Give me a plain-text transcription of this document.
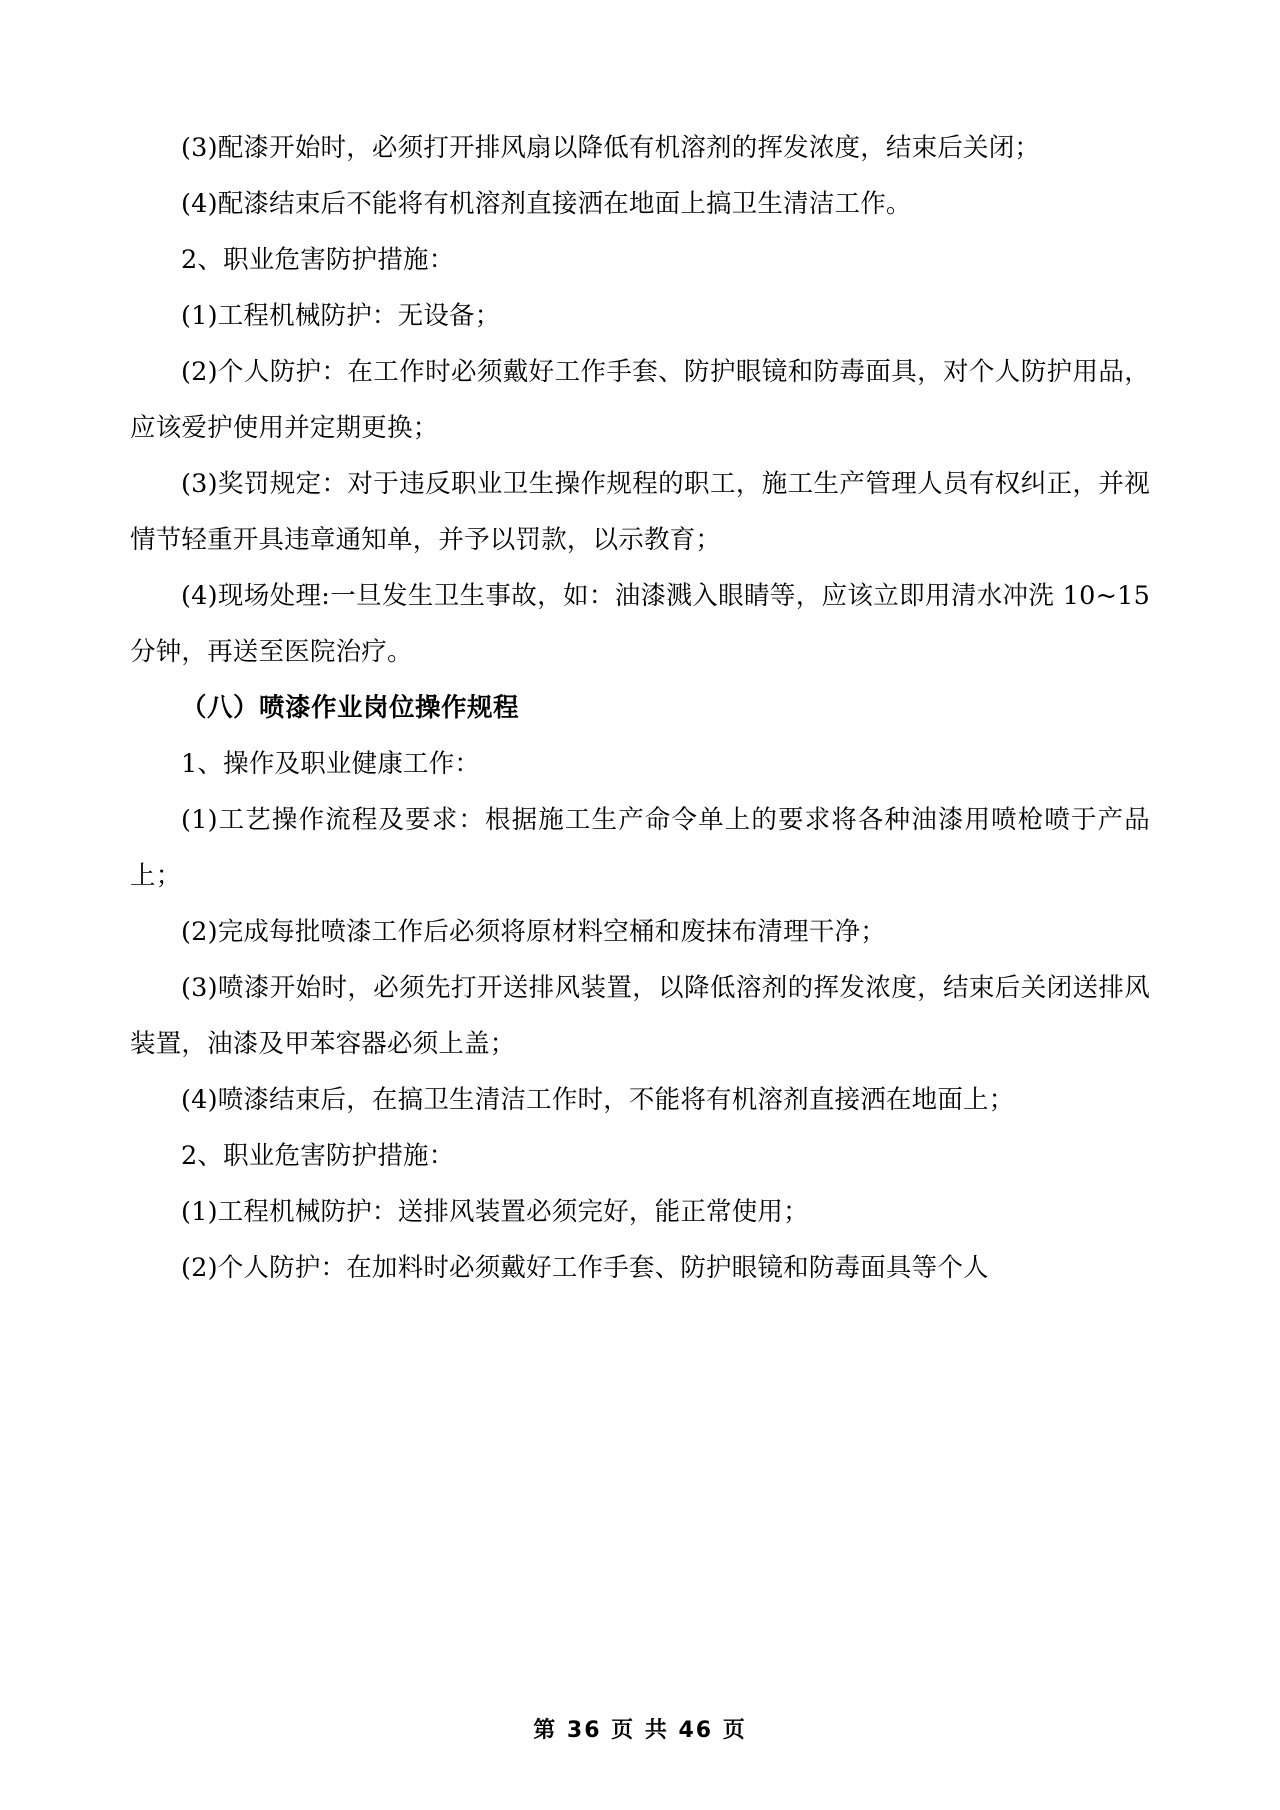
(3)配漆开始时，必须打开排风扇以降低有机溶剂的挥发浓度，结束后关闭；

(4)配漆结束后不能将有机溶剂直接洒在地面上搞卫生清洁工作。

2、职业危害防护措施：

(1)工程机械防护：无设备；

(2)个人防护：在工作时必须戴好工作手套、防护眼镜和防毒面具，对个人防护用品，应该爱护使用并定期更换；

(3)奖罚规定：对于违反职业卫生操作规程的职工，施工生产管理人员有权纠正，并视情节轻重开具违章通知单，并予以罚款，以示教育；

(4)现场处理:一旦发生卫生事故，如：油漆溅入眼睛等，应该立即用清水冲洗 10~15 分钟，再送至医院治疗。

（八）喷漆作业岗位操作规程

1、操作及职业健康工作：

(1)工艺操作流程及要求：根据施工生产命令单上的要求将各种油漆用喷枪喷于产品上；

(2)完成每批喷漆工作后必须将原材料空桶和废抹布清理干净；

(3)喷漆开始时，必须先打开送排风装置，以降低溶剂的挥发浓度，结束后关闭送排风装置，油漆及甲苯容器必须上盖；

(4)喷漆结束后，在搞卫生清洁工作时，不能将有机溶剂直接洒在地面上；

2、职业危害防护措施：

(1)工程机械防护：送排风装置必须完好，能正常使用；

(2)个人防护：在加料时必须戴好工作手套、防护眼镜和防毒面具等个人

第 36 页 共 46 页
